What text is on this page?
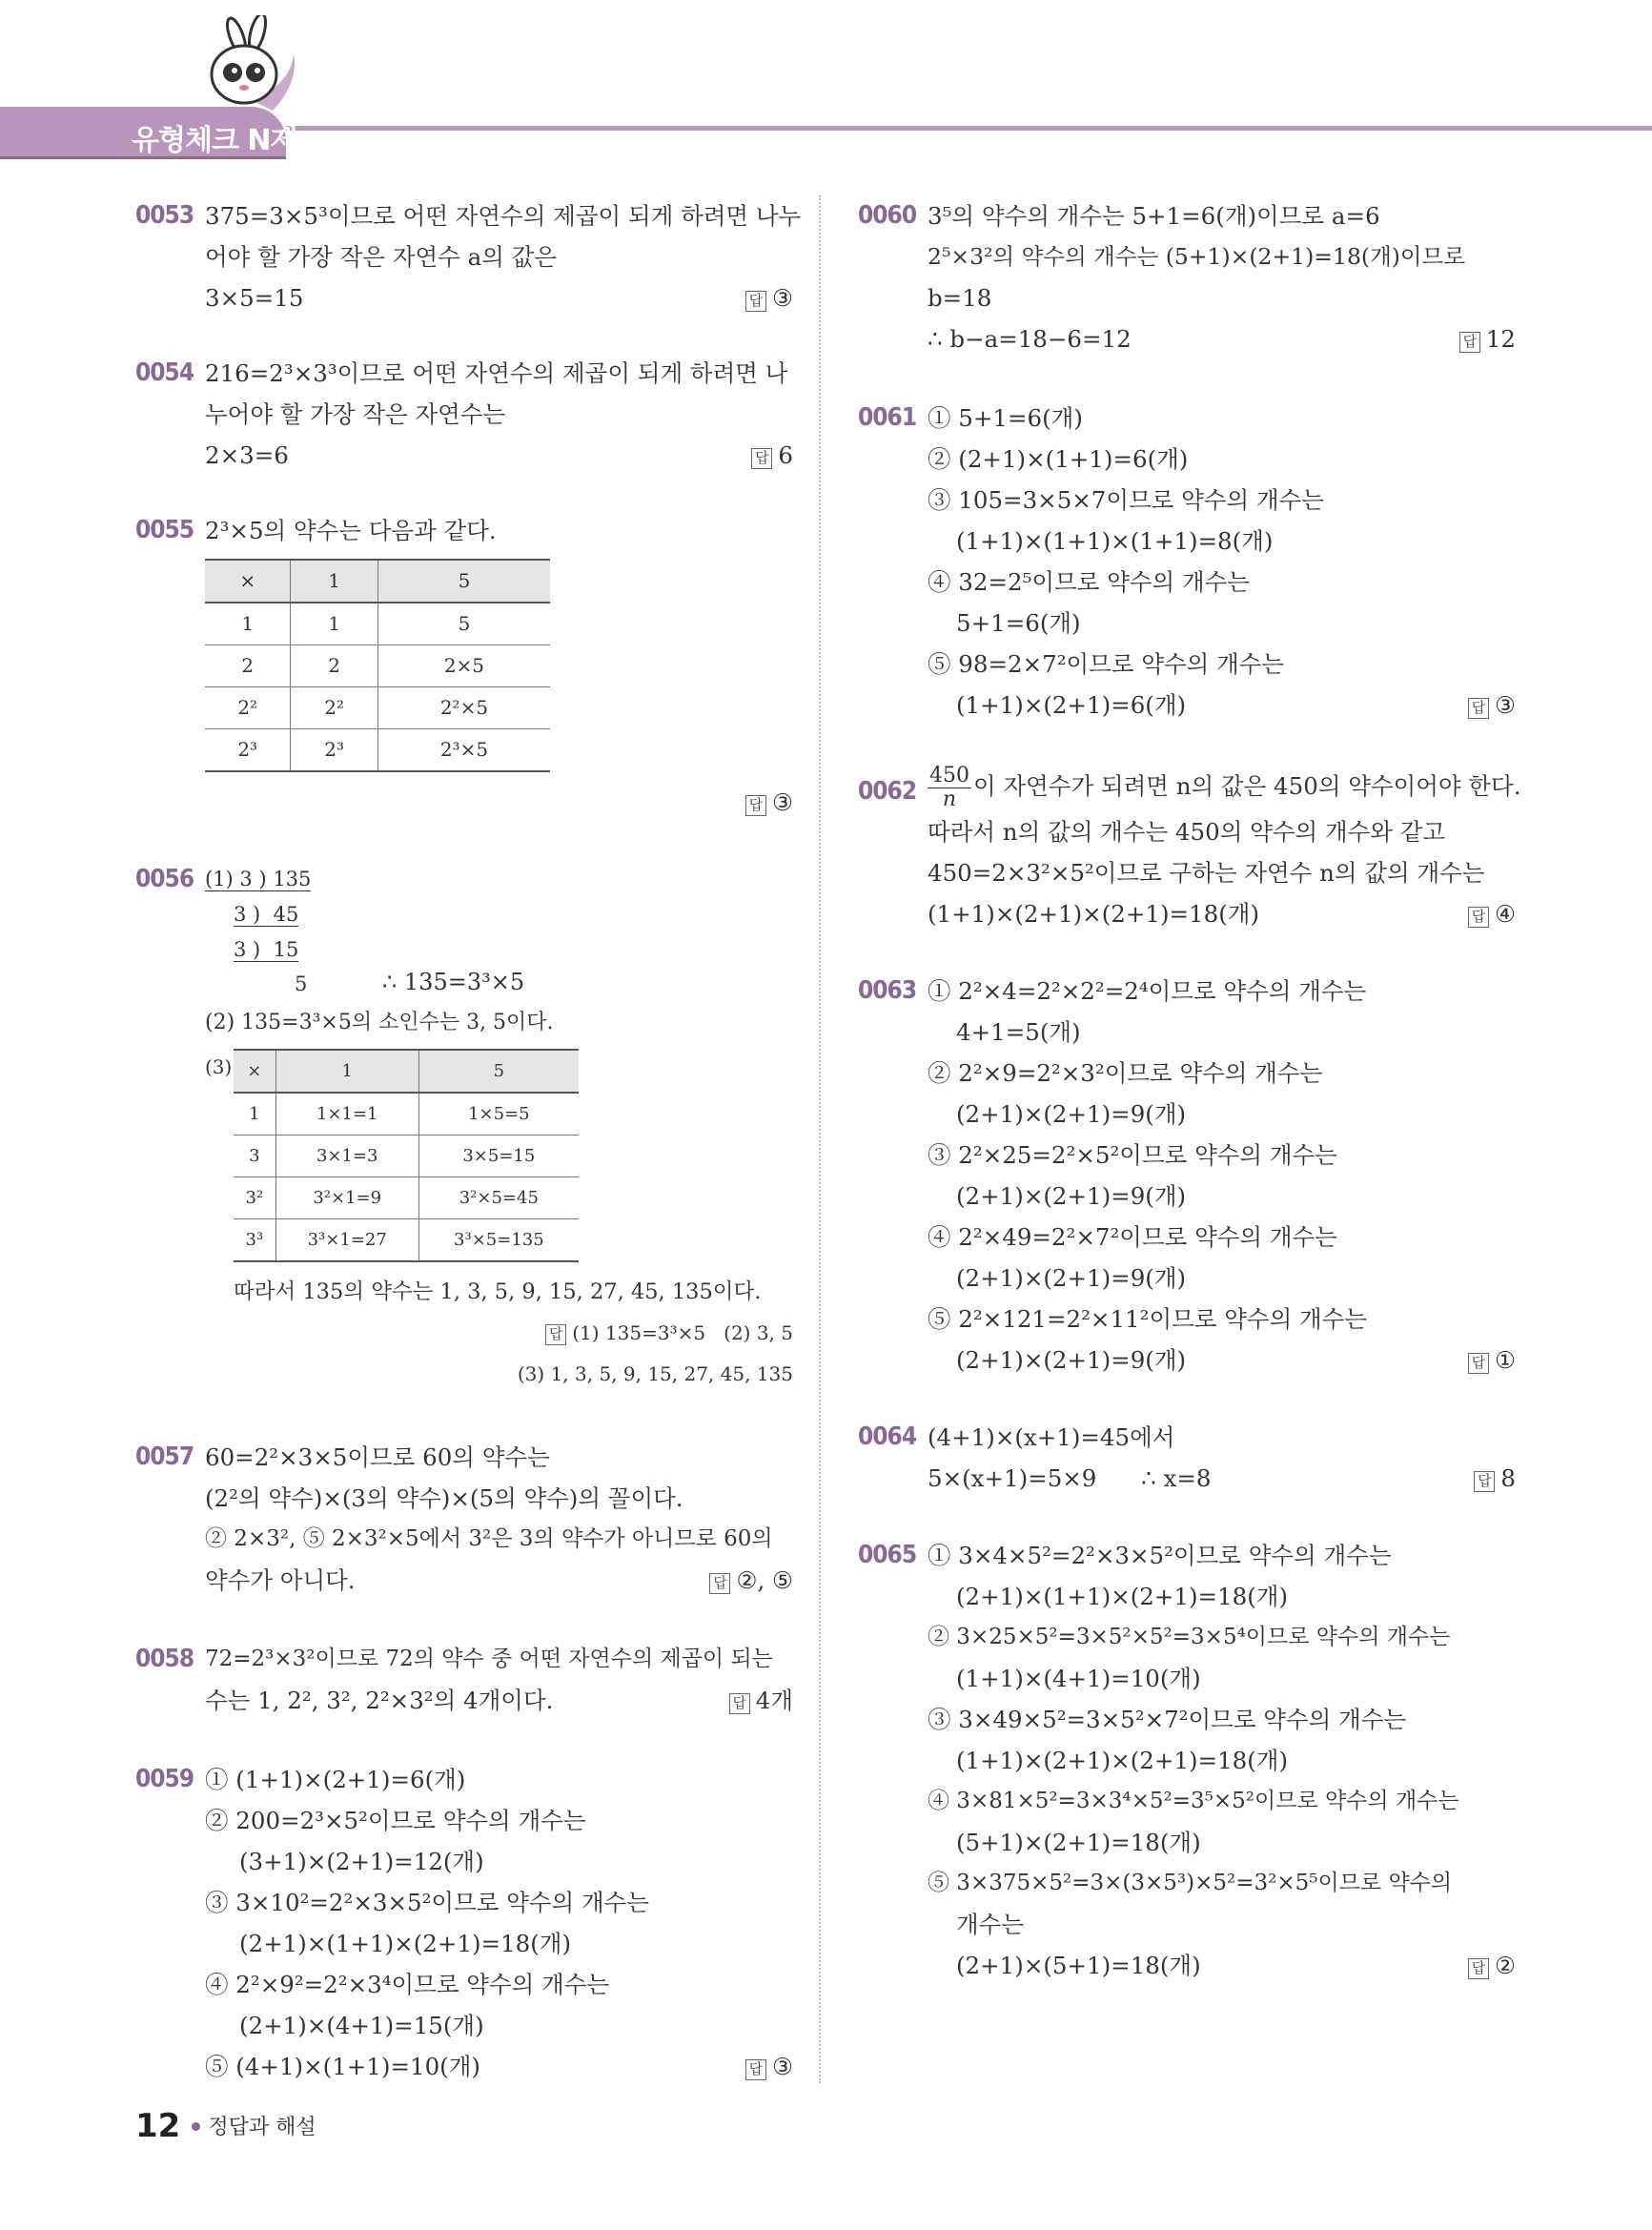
유형체크 N제
0053 375=3×5³이므로 어떤 자연수의 제곱이 되게 하려면 나누
어야 할 가장 작은 자연수 a의 값은
3×5=15	답 ③
0054 216=2³×3³이므로 어떤 자연수의 제곱이 되게 하려면 나
누어야 할 가장 작은 자연수는
2×3=6	답 6
0055 2³×5의 약수는 다음과 같다.
×	1	5
1	1	5
2	2	2×5
2²	2²	2²×5
2³	2³	2³×5
답 ③
0056 (1) 3 ) 135
3 )  45
3 )  15
5	∴ 135=3³×5
(2) 135=3³×5의 소인수는 3, 5이다.
(3) ×	1	5
1	1×1=1	1×5=5
3	3×1=3	3×5=15
3²	3²×1=9	3²×5=45
3³	3³×1=27	3³×5=135
따라서 135의 약수는 1, 3, 5, 9, 15, 27, 45, 135이다.
답 (1) 135=3³×5   (2) 3, 5
(3) 1, 3, 5, 9, 15, 27, 45, 135
0057 60=2²×3×5이므로 60의 약수는
(2²의 약수)×(3의 약수)×(5의 약수)의 꼴이다.
② 2×3², ⑤ 2×3²×5에서 3²은 3의 약수가 아니므로 60의
약수가 아니다.	답 ②, ⑤
0058 72=2³×3²이므로 72의 약수 중 어떤 자연수의 제곱이 되는
수는 1, 2², 3², 2²×3²의 4개이다.	답 4개
0059 ① (1+1)×(2+1)=6(개)
② 200=2³×5²이므로 약수의 개수는
(3+1)×(2+1)=12(개)
③ 3×10²=2²×3×5²이므로 약수의 개수는
(2+1)×(1+1)×(2+1)=18(개)
④ 2²×9²=2²×3⁴이므로 약수의 개수는
(2+1)×(4+1)=15(개)
⑤ (4+1)×(1+1)=10(개)	답 ③
0060 3⁵의 약수의 개수는 5+1=6(개)이므로 a=6
2⁵×3²의 약수의 개수는 (5+1)×(2+1)=18(개)이므로
b=18
∴ b−a=18−6=12	답 12
0061 ① 5+1=6(개)
② (2+1)×(1+1)=6(개)
③ 105=3×5×7이므로 약수의 개수는
(1+1)×(1+1)×(1+1)=8(개)
④ 32=2⁵이므로 약수의 개수는
5+1=6(개)
⑤ 98=2×7²이므로 약수의 개수는
(1+1)×(2+1)=6(개)	답 ③
$0062 \frac{450}{n}$ 이 자연수가 되려면 n의 값은 450의 약수이어야 한다.
따라서 n의 값의 개수는 450의 약수의 개수와 같고
450=2×3²×5²이므로 구하는 자연수 n의 값의 개수는
(1+1)×(2+1)×(2+1)=18(개)	답 ④
0063 ① 2²×4=2²×2²=2⁴이므로 약수의 개수는
4+1=5(개)
② 2²×9=2²×3²이므로 약수의 개수는
(2+1)×(2+1)=9(개)
③ 2²×25=2²×5²이므로 약수의 개수는
(2+1)×(2+1)=9(개)
④ 2²×49=2²×7²이므로 약수의 개수는
(2+1)×(2+1)=9(개)
⑤ 2²×121=2²×11²이므로 약수의 개수는
(2+1)×(2+1)=9(개)	답 ①
0064 (4+1)×(x+1)=45에서
5×(x+1)=5×9      ∴ x=8	답 8
0065 ① 3×4×5²=2²×3×5²이므로 약수의 개수는
(2+1)×(1+1)×(2+1)=18(개)
② 3×25×5²=3×5²×5²=3×5⁴이므로 약수의 개수는
(1+1)×(4+1)=10(개)
③ 3×49×5²=3×5²×7²이므로 약수의 개수는
(1+1)×(2+1)×(2+1)=18(개)
④ 3×81×5²=3×3⁴×5²=3⁵×5²이므로 약수의 개수는
(5+1)×(2+1)=18(개)
⑤ 3×375×5²=3×(3×5³)×5²=3²×5⁵이므로 약수의
개수는
(2+1)×(5+1)=18(개)	답 ②
12 정답과 해설
